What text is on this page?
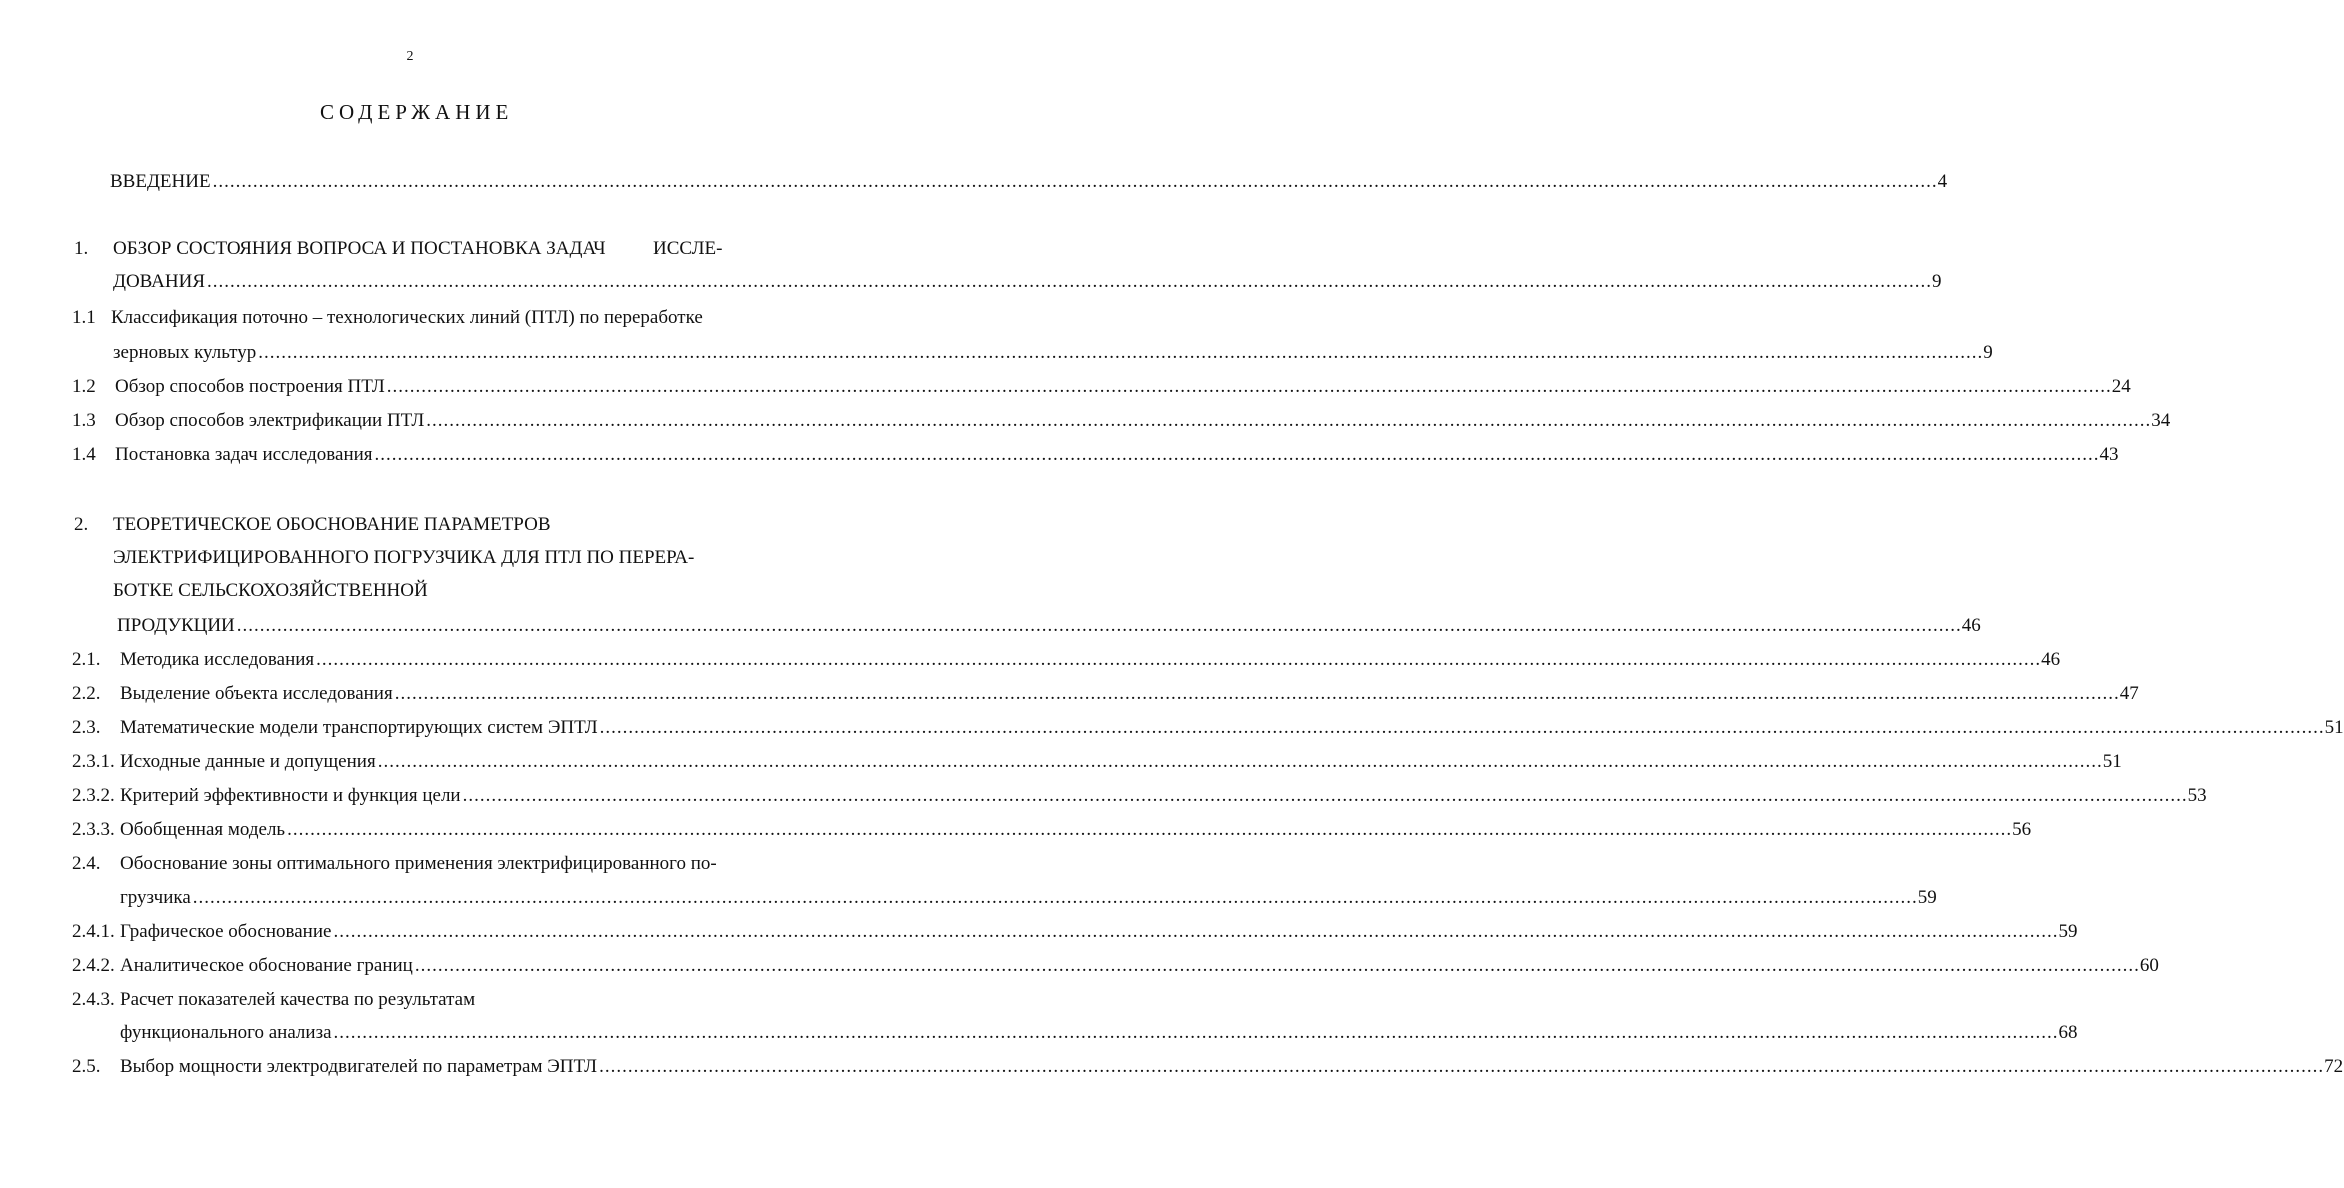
2
СОДЕРЖАНИЕ
ВВЕДЕНИЕ ............................................................................................................................................................................................................................................................................................................ 4
1. ОБЗОР СОСТОЯНИЯ ВОПРОСА И ПОСТАНОВКА ЗАДАЧ ИССЛЕ-
ДОВАНИЯ ............................................................................................................................................................................................................................................................................................................ 9
1.1 Классификация поточно – технологических линий (ПТЛ) по переработке
зерновых культур ............................................................................................................................................................................................................................................................................................................ 9
1.2 Обзор способов построения ПТЛ ............................................................................................................................................................................................................................................................................................................ 24
1.3 Обзор способов электрификации ПТЛ ............................................................................................................................................................................................................................................................................................................ 34
1.4 Постановка задач исследования ............................................................................................................................................................................................................................................................................................................ 43
2. ТЕОРЕТИЧЕСКОЕ ОБОСНОВАНИЕ ПАРАМЕТРОВ
ЭЛЕКТРИФИЦИРОВАННОГО ПОГРУЗЧИКА ДЛЯ ПТЛ ПО ПЕРЕРА-
БОТКЕ СЕЛЬСКОХОЗЯЙСТВЕННОЙ
ПРОДУКЦИИ ............................................................................................................................................................................................................................................................................................................ 46
2.1. Методика исследования ............................................................................................................................................................................................................................................................................................................ 46
2.2. Выделение объекта исследования ............................................................................................................................................................................................................................................................................................................ 47
2.3. Математические модели транспортирующих систем ЭПТЛ ............................................................................................................................................................................................................................................................................................................ 51
2.3.1. Исходные данные и допущения ............................................................................................................................................................................................................................................................................................................ 51
2.3.2. Критерий эффективности и функция цели ............................................................................................................................................................................................................................................................................................................ 53
2.3.3. Обобщенная модель ............................................................................................................................................................................................................................................................................................................ 56
2.4. Обоснование зоны оптимального применения электрифицированного по-
грузчика ............................................................................................................................................................................................................................................................................................................ 59
2.4.1. Графическое обоснование ............................................................................................................................................................................................................................................................................................................ 59
2.4.2. Аналитическое обоснование границ ............................................................................................................................................................................................................................................................................................................ 60
2.4.3. Расчет показателей качества по результатам
функционального анализа ............................................................................................................................................................................................................................................................................................................ 68
2.5. Выбор мощности электродвигателей по параметрам ЭПТЛ ............................................................................................................................................................................................................................................................................................................ 72
